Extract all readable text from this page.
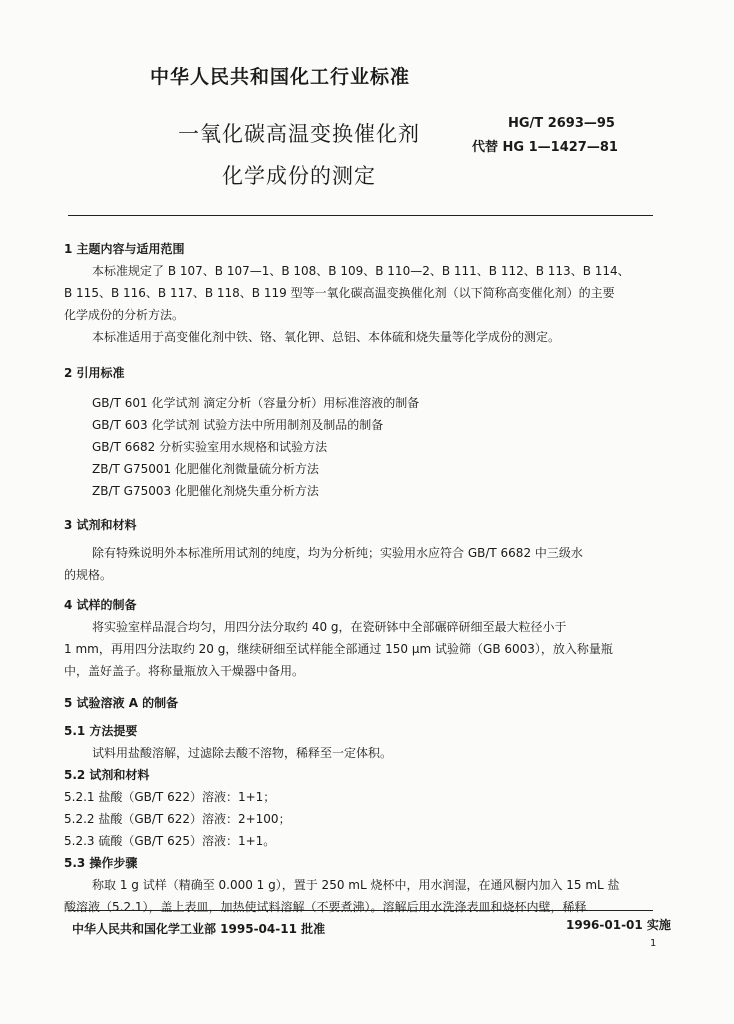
中华人民共和国化工行业标准
一氧化碳高温变换催化剂
化学成份的测定
HG/T 2693—95
代替 HG 1—1427—81
1 主题内容与适用范围
本标准规定了 B 107、B 107—1、B 108、B 109、B 110—2、B 111、B 112、B 113、B 114、
B 115、B 116、B 117、B 118、B 119 型等一氧化碳高温变换催化剂（以下简称高变催化剂）的主要
化学成份的分析方法。
本标准适用于高变催化剂中铁、铬、氧化钾、总铝、本体硫和烧失量等化学成份的测定。
2 引用标准
GB/T 601 化学试剂 滴定分析（容量分析）用标准溶液的制备
GB/T 603 化学试剂 试验方法中所用制剂及制品的制备
GB/T 6682 分析实验室用水规格和试验方法
ZB/T G75001 化肥催化剂微量硫分析方法
ZB/T G75003 化肥催化剂烧失重分析方法
3 试剂和材料
除有特殊说明外本标准所用试剂的纯度，均为分析纯；实验用水应符合 GB/T 6682 中三级水
的规格。
4 试样的制备
将实验室样品混合均匀，用四分法分取约 40 g，在瓷研钵中全部碾碎研细至最大粒径小于
1 mm，再用四分法取约 20 g，继续研细至试样能全部通过 150 μm 试验筛（GB 6003），放入称量瓶
中，盖好盖子。将称量瓶放入干燥器中备用。
5 试验溶液 A 的制备
5.1 方法提要
试料用盐酸溶解，过滤除去酸不溶物，稀释至一定体积。
5.2 试剂和材料
5.2.1 盐酸（GB/T 622）溶液：1+1；
5.2.2 盐酸（GB/T 622）溶液：2+100；
5.2.3 硫酸（GB/T 625）溶液：1+1。
5.3 操作步骤
称取 1 g 试样（精确至 0.000 1 g），置于 250 mL 烧杯中，用水润湿，在通风橱内加入 15 mL 盐
酸溶液（5.2.1），盖上表皿，加热使试料溶解（不要煮沸）。溶解后用水洗涤表皿和烧杯内壁，稀释
中华人民共和国化学工业部 1995-04-11 批准	1996-01-01 实施
1
